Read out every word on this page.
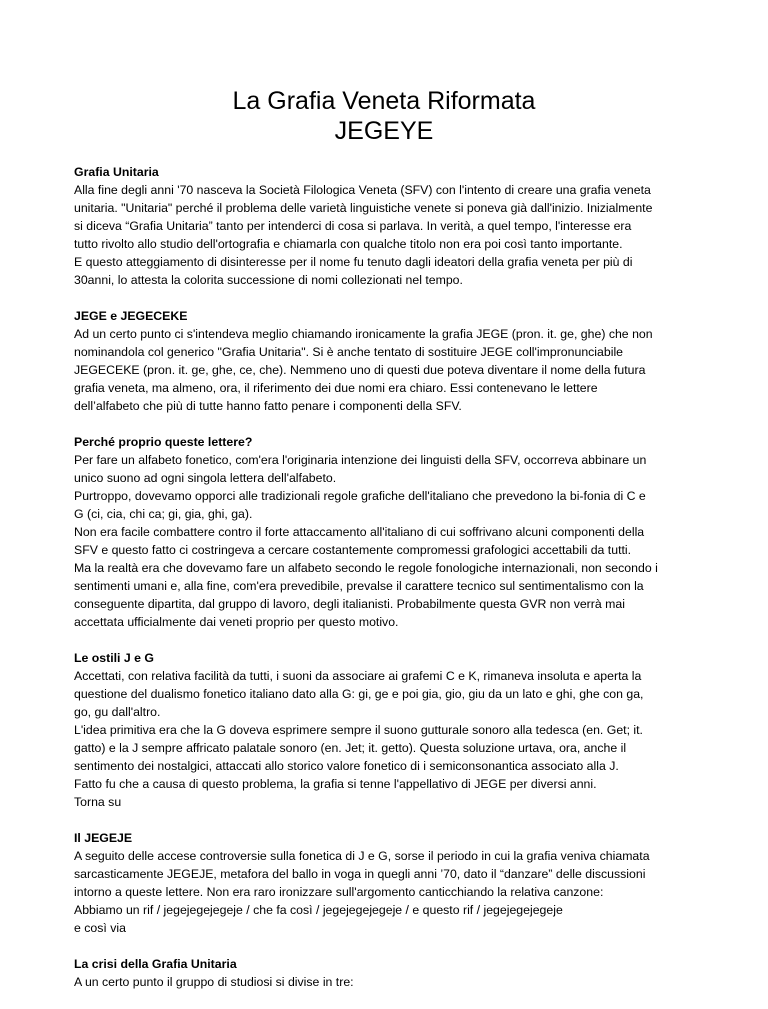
La Grafia Veneta Riformata
JEGEYE
Grafia Unitaria
Alla fine degli anni '70 nasceva la Società Filologica Veneta (SFV) con l'intento di creare una grafia veneta
unitaria. "Unitaria" perché il problema delle varietà linguistiche venete si poneva già dall'inizio. Inizialmente
si diceva “Grafia Unitaria” tanto per intenderci di cosa si parlava. In verità, a quel tempo, l'interesse era
tutto rivolto allo studio dell'ortografia e chiamarla con qualche titolo non era poi così tanto importante.
E questo atteggiamento di disinteresse per il nome fu tenuto dagli ideatori della grafia veneta per più di
30anni, lo attesta la colorita successione di nomi collezionati nel tempo.
JEGE e JEGECEKE
Ad un certo punto ci s'intendeva meglio chiamando ironicamente la grafia JEGE (pron. it. ge, ghe) che non
nominandola col generico "Grafia Unitaria". Si è anche tentato di sostituire JEGE coll'impronunciabile
JEGECEKE (pron. it. ge, ghe, ce, che). Nemmeno uno di questi due poteva diventare il nome della futura
grafia veneta, ma almeno, ora, il riferimento dei due nomi era chiaro. Essi contenevano le lettere
dell’alfabeto che più di tutte hanno fatto penare i componenti della SFV.
Perché proprio queste lettere?
Per fare un alfabeto fonetico, com'era l'originaria intenzione dei linguisti della SFV, occorreva abbinare un
unico suono ad ogni singola lettera dell'alfabeto.
Purtroppo, dovevamo opporci alle tradizionali regole grafiche dell'italiano che prevedono la bi-fonia di C e
G (ci, cia, chi ca; gi, gia, ghi, ga).
Non era facile combattere contro il forte attaccamento all'italiano di cui soffrivano alcuni componenti della
SFV e questo fatto ci costringeva a cercare costantemente compromessi grafologici accettabili da tutti.
Ma la realtà era che dovevamo fare un alfabeto secondo le regole fonologiche internazionali, non secondo i
sentimenti umani e, alla fine, com'era prevedibile, prevalse il carattere tecnico sul sentimentalismo con la
conseguente dipartita, dal gruppo di lavoro, degli italianisti. Probabilmente questa GVR non verrà mai
accettata ufficialmente dai veneti proprio per questo motivo.
Le ostili J e G
Accettati, con relativa facilità da tutti, i suoni da associare ai grafemi C e K, rimaneva insoluta e aperta la
questione del dualismo fonetico italiano dato alla G: gi, ge e poi gia, gio, giu da un lato e ghi, ghe con ga,
go, gu dall'altro.
L'idea primitiva era che la G doveva esprimere sempre il suono gutturale sonoro alla tedesca (en. Get; it.
gatto) e la J sempre affricato palatale sonoro (en. Jet; it. getto). Questa soluzione urtava, ora, anche il
sentimento dei nostalgici, attaccati allo storico valore fonetico di i semiconsonantica associato alla J.
Fatto fu che a causa di questo problema, la grafia si tenne l'appellativo di JEGE per diversi anni.
Torna su
Il JEGEJE
A seguito delle accese controversie sulla fonetica di J e G, sorse il periodo in cui la grafia veniva chiamata
sarcasticamente JEGEJE, metafora del ballo in voga in quegli anni ’70, dato il “danzare” delle discussioni
intorno a queste lettere. Non era raro ironizzare sull'argomento canticchiando la relativa canzone:
Abbiamo un rif / jegejegejegeje / che fa così / jegejegejegeje / e questo rif / jegejegejegeje
e così via
La crisi della Grafia Unitaria
A un certo punto il gruppo di studiosi si divise in tre:
